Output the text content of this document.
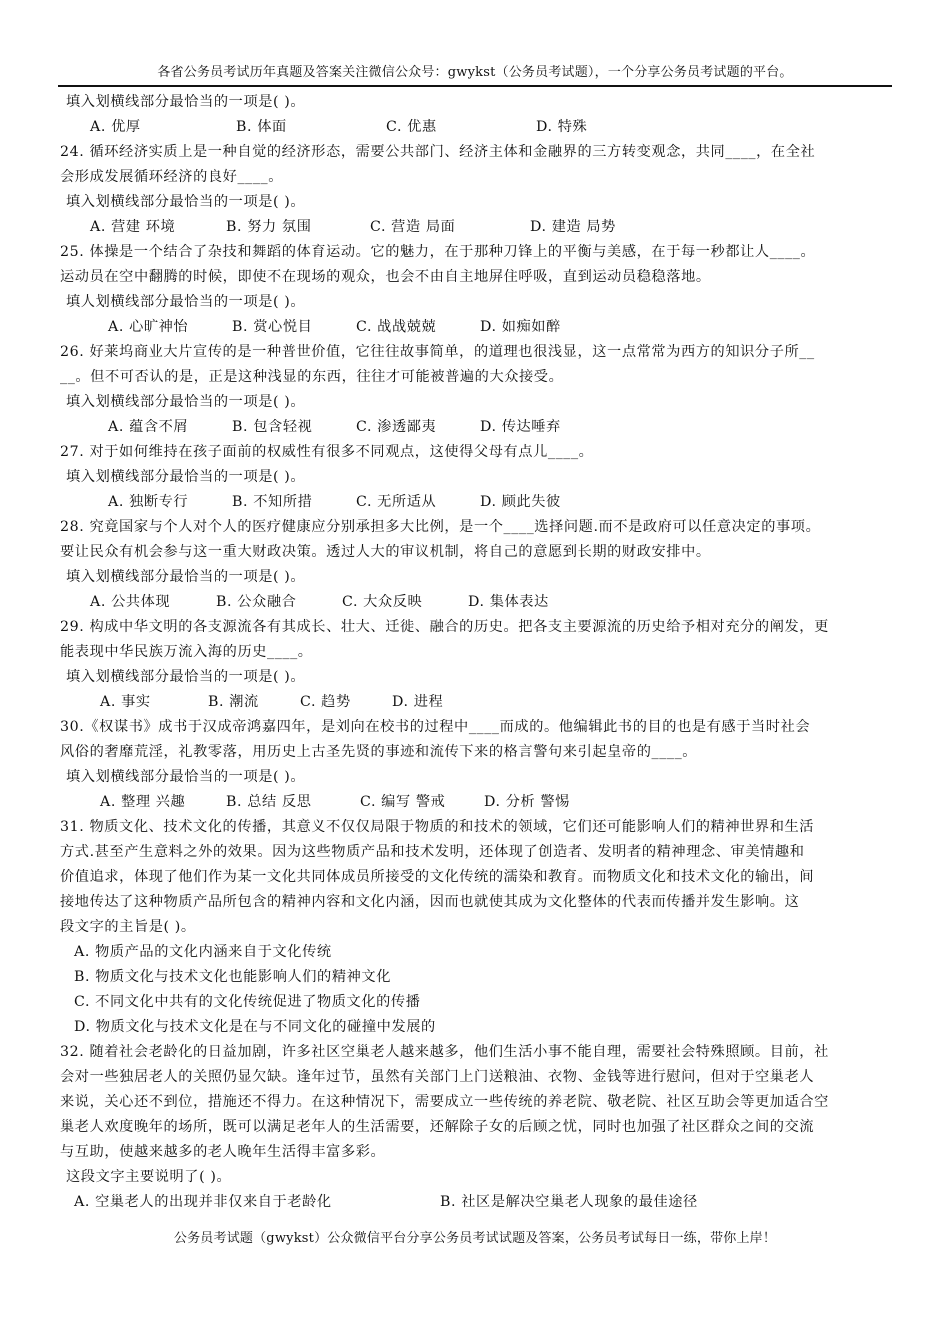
各省公务员考试历年真题及答案关注微信公众号：gwykst（公务员考试题），一个分享公务员考试题的平台。
填入划横线部分最恰当的一项是( )。
A. 优厚	B. 体面	C. 优惠	D. 特殊
24. 循环经济实质上是一种自觉的经济形态，需要公共部门、经济主体和金融界的三方转变观念，共同____，在全社
会形成发展循环经济的良好____。
填入划横线部分最恰当的一项是( )。
A. 营建 环境	B. 努力 氛围	C. 营造 局面	D. 建造 局势
25. 体操是一个结合了杂技和舞蹈的体育运动。它的魅力，在于那种刀锋上的平衡与美感，在于每一秒都让人____。
运动员在空中翻腾的时候，即使不在现场的观众，也会不由自主地屏住呼吸，直到运动员稳稳落地。
填人划横线部分最恰当的一项是( )。
A. 心旷神怡	B. 赏心悦目	C. 战战兢兢	D. 如痴如醉
26. 好莱坞商业大片宣传的是一种普世价值，它往往故事简单，的道理也很浅显，这一点常常为西方的知识分子所__
__。但不可否认的是，正是这种浅显的东西，往往才可能被普遍的大众接受。
填入划横线部分最恰当的一项是( )。
A. 蕴含不屑	B. 包含轻视	C. 渗透鄙夷	D. 传达唾弃
27. 对于如何维持在孩子面前的权威性有很多不同观点，这使得父母有点儿____。
填入划横线部分最恰当的一项是( )。
A. 独断专行	B. 不知所措	C. 无所适从	D. 顾此失彼
28. 究竟国家与个人对个人的医疗健康应分别承担多大比例，是一个____选择问题.而不是政府可以任意决定的事项。
要让民众有机会参与这一重大财政决策。透过人大的审议机制，将自己的意愿到长期的财政安排中。
填入划横线部分最恰当的一项是( )。
A. 公共体现	B. 公众融合	C. 大众反映	D. 集体表达
29. 构成中华文明的各支源流各有其成长、壮大、迁徙、融合的历史。把各支主要源流的历史给予相对充分的阐发，更
能表现中华民族万流入海的历史____。
填入划横线部分最恰当的一项是( )。
A. 事实	B. 潮流	C. 趋势	D. 进程
30.《权谋书》成书于汉成帝鸿嘉四年，是刘向在校书的过程中____而成的。他编辑此书的目的也是有感于当时社会
风俗的奢靡荒淫，礼教零落，用历史上古圣先贤的事迹和流传下来的格言警句来引起皇帝的____。
填入划横线部分最恰当的一项是( )。
A. 整理 兴趣	B. 总结 反思	C. 编写 警戒	D. 分析 警惕
31. 物质文化、技术文化的传播，其意义不仅仅局限于物质的和技术的领域，它们还可能影响人们的精神世界和生活
方式.甚至产生意料之外的效果。因为这些物质产品和技术发明，还体现了创造者、发明者的精神理念、审美情趣和
价值追求，体现了他们作为某一文化共同体成员所接受的文化传统的濡染和教育。而物质文化和技术文化的输出，间
接地传达了这种物质产品所包含的精神内容和文化内涵，因而也就使其成为文化整体的代表而传播并发生影响。这
段文字的主旨是( )。
A. 物质产品的文化内涵来自于文化传统
B. 物质文化与技术文化也能影响人们的精神文化
C. 不同文化中共有的文化传统促进了物质文化的传播
D. 物质文化与技术文化是在与不同文化的碰撞中发展的
32. 随着社会老龄化的日益加剧，许多社区空巢老人越来越多，他们生活小事不能自理，需要社会特殊照顾。目前，社
会对一些独居老人的关照仍显欠缺。逢年过节，虽然有关部门上门送粮油、衣物、金钱等进行慰问，但对于空巢老人
来说，关心还不到位，措施还不得力。在这种情况下，需要成立一些传统的养老院、敬老院、社区互助会等更加适合空
巢老人欢度晚年的场所，既可以满足老年人的生活需要，还解除子女的后顾之忧，同时也加强了社区群众之间的交流
与互助，使越来越多的老人晚年生活得丰富多彩。
这段文字主要说明了( )。
A. 空巢老人的出现并非仅来自于老龄化	B. 社区是解决空巢老人现象的最佳途径
公务员考试题（gwykst）公众微信平台分享公务员考试试题及答案，公务员考试每日一练，带你上岸！
